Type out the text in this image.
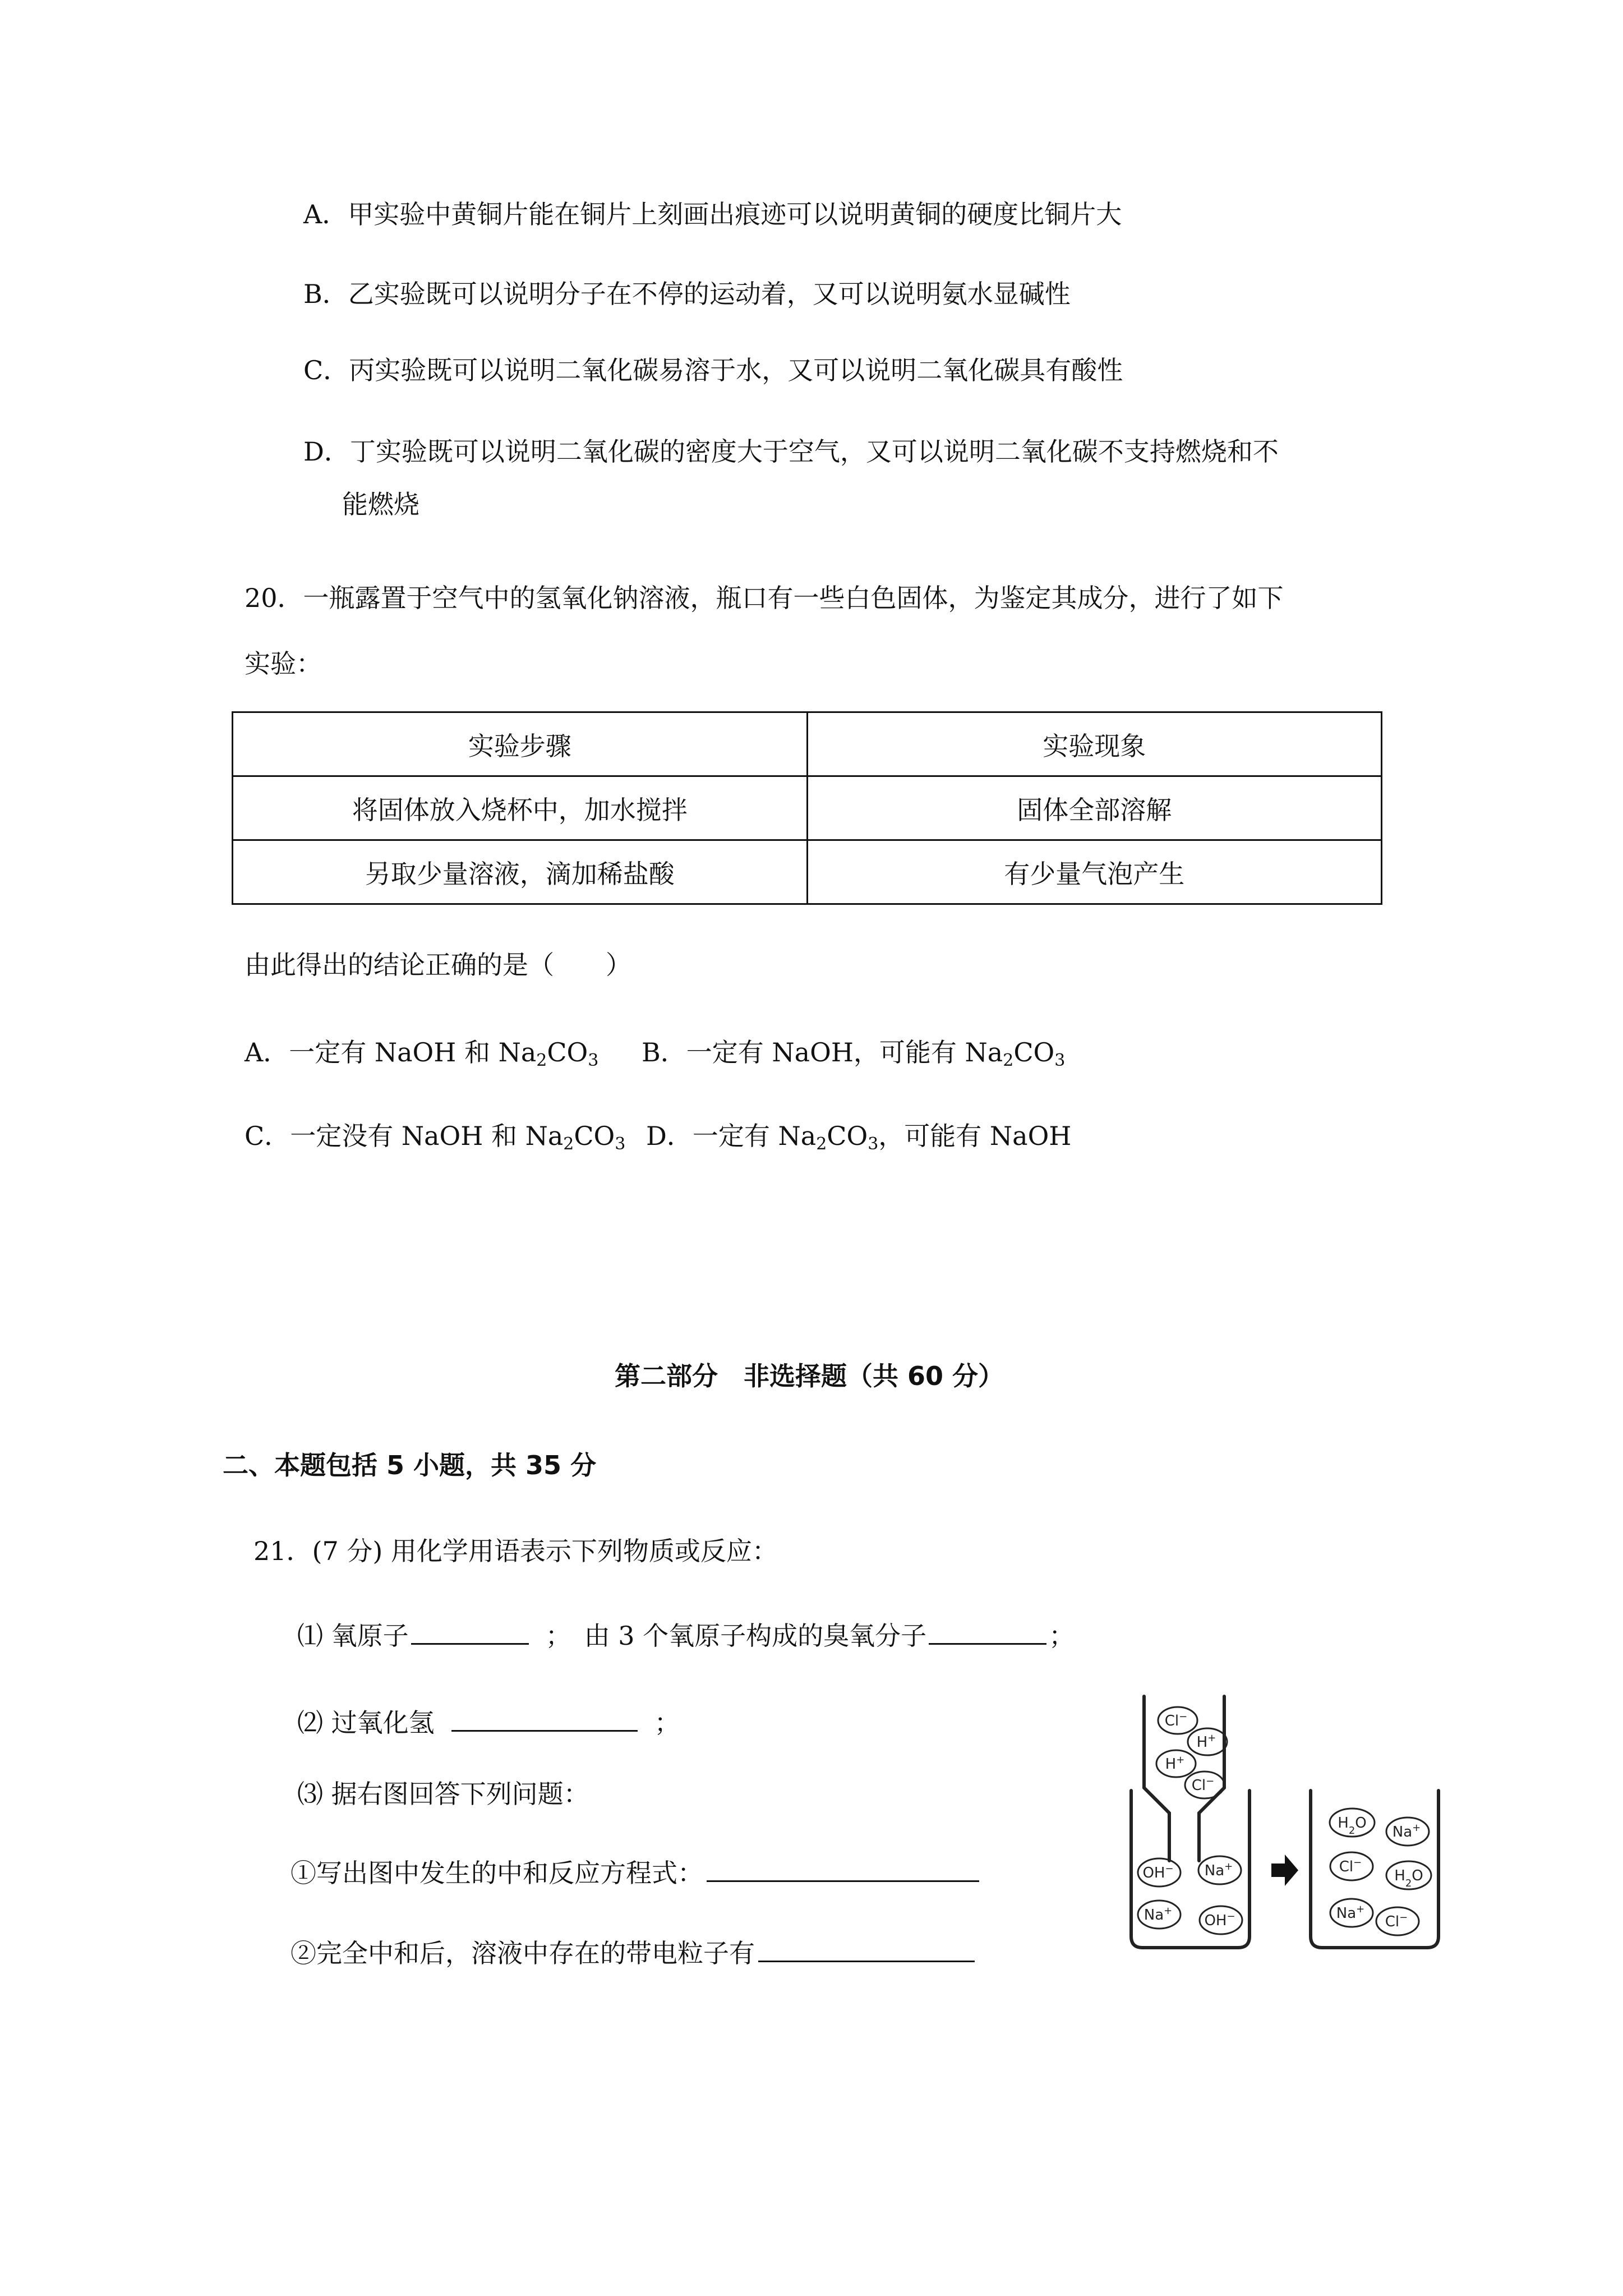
A．甲实验中黄铜片能在铜片上刻画出痕迹可以说明黄铜的硬度比铜片大
B．乙实验既可以说明分子在不停的运动着，又可以说明氨水显碱性
C．丙实验既可以说明二氧化碳易溶于水，又可以说明二氧化碳具有酸性
D．丁实验既可以说明二氧化碳的密度大于空气，又可以说明二氧化碳不支持燃烧和不
能燃烧
20．一瓶露置于空气中的氢氧化钠溶液，瓶口有一些白色固体，为鉴定其成分，进行了如下
实验：
实验步骤	实验现象
将固体放入烧杯中，加水搅拌	固体全部溶解
另取少量溶液，滴加稀盐酸	有少量气泡产生
由此得出的结论正确的是（　　）
A．一定有 NaOH 和 $Na_2CO_3$ B．一定有 NaOH，可能有 $Na_2CO_3$
C．一定没有 NaOH 和 $Na_2CO_3$ D．一定有 $Na_2CO_3$，可能有 NaOH
第二部分　非选择题（共 60 分）
二、本题包括 5 小题，共 35 分
21．(7 分) 用化学用语表示下列物质或反应：
⑴ 氧原子	；　由 3 个氧原子构成的臭氧分子	；
⑵ 过氧化氢	；
⑶ 据右图回答下列问题：
①写出图中发生的中和反应方程式：
②完全中和后，溶液中存在的带电粒子有
Cl−
H+
H+
Cl−
OH− Na+
Na+
OH−
$H_2O$
Na+
Cl−
$H_2O$
Na+
Cl−
